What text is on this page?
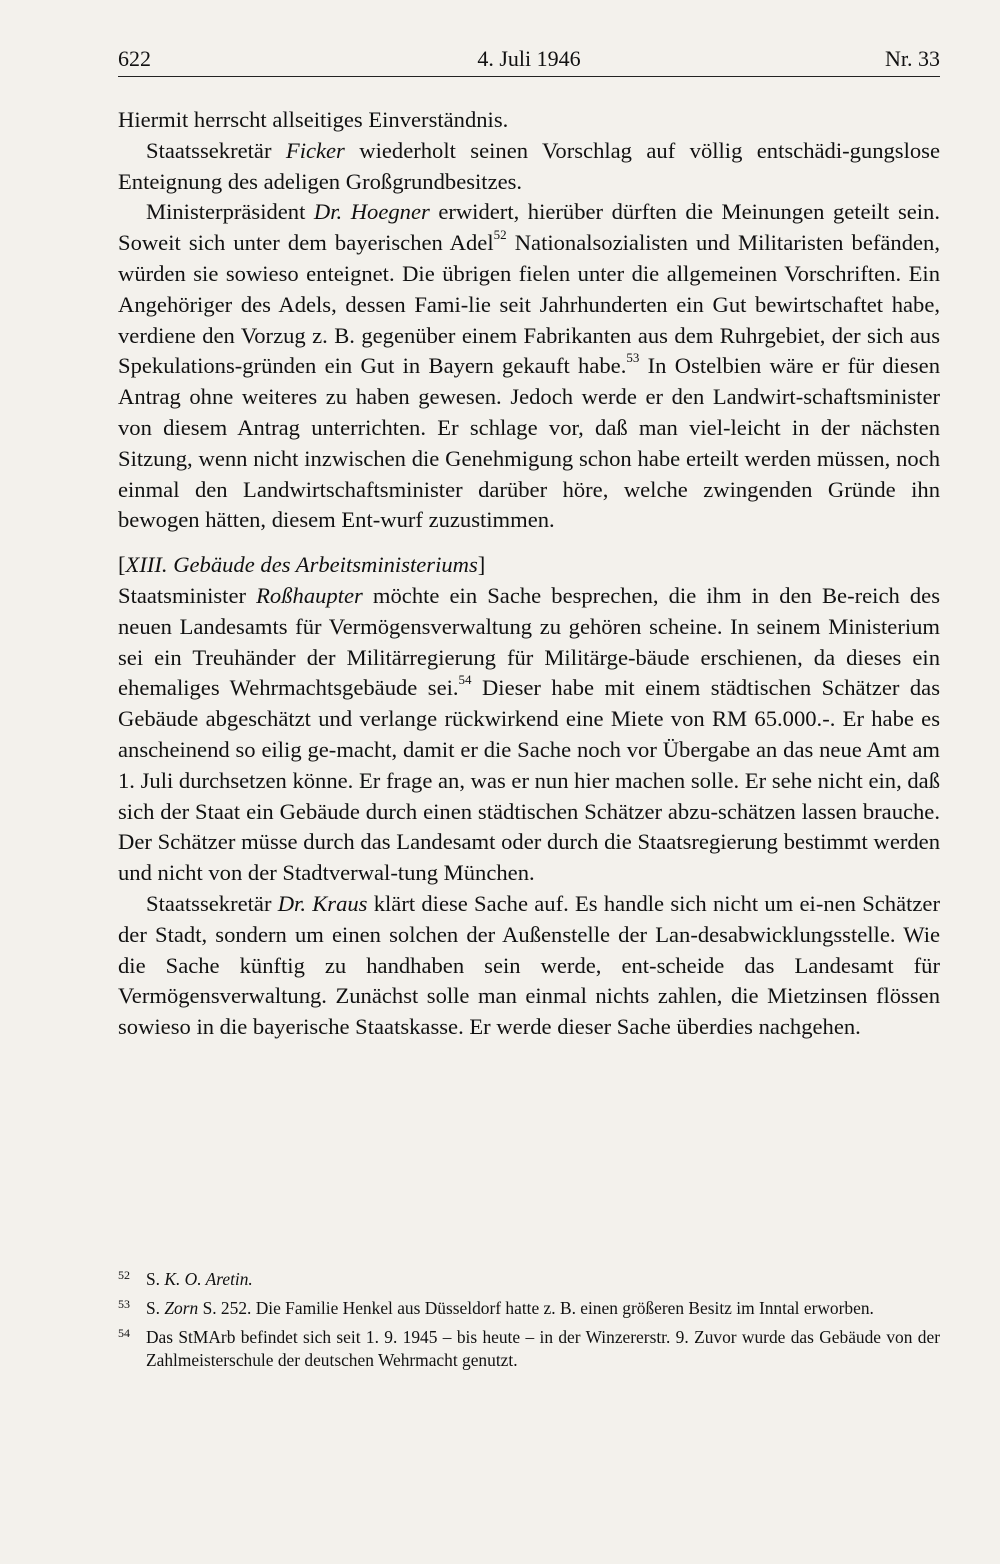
622	4. Juli 1946	Nr. 33

Hiermit herrscht allseitiges Einverständnis.

Staatssekretär Ficker wiederholt seinen Vorschlag auf völlig entschädi-gungslose Enteignung des adeligen Großgrundbesitzes.

Ministerpräsident Dr. Hoegner erwidert, hierüber dürften die Meinungen geteilt sein. Soweit sich unter dem bayerischen Adel$^{52}$ Nationalsozialisten und Militaristen befänden, würden sie sowieso enteignet. Die übrigen fielen unter die allgemeinen Vorschriften. Ein Angehöriger des Adels, dessen Fami-lie seit Jahrhunderten ein Gut bewirtschaftet habe, verdiene den Vorzug z. B. gegenüber einem Fabrikanten aus dem Ruhrgebiet, der sich aus Spekulations-gründen ein Gut in Bayern gekauft habe.$^{53}$ In Ostelbien wäre er für diesen Antrag ohne weiteres zu haben gewesen. Jedoch werde er den Landwirt-schaftsminister von diesem Antrag unterrichten. Er schlage vor, daß man viel-leicht in der nächsten Sitzung, wenn nicht inzwischen die Genehmigung schon habe erteilt werden müssen, noch einmal den Landwirtschaftsminister darüber höre, welche zwingenden Gründe ihn bewogen hätten, diesem Ent-wurf zuzustimmen.

[XIII. Gebäude des Arbeitsministeriums]

Staatsminister Roßhaupter möchte ein Sache besprechen, die ihm in den Be-reich des neuen Landesamts für Vermögensverwaltung zu gehören scheine. In seinem Ministerium sei ein Treuhänder der Militärregierung für Militärge-bäude erschienen, da dieses ein ehemaliges Wehrmachtsgebäude sei.$^{54}$ Dieser habe mit einem städtischen Schätzer das Gebäude abgeschätzt und verlange rückwirkend eine Miete von RM 65.000.-. Er habe es anscheinend so eilig ge-macht, damit er die Sache noch vor Übergabe an das neue Amt am 1. Juli durchsetzen könne. Er frage an, was er nun hier machen solle. Er sehe nicht ein, daß sich der Staat ein Gebäude durch einen städtischen Schätzer abzu-schätzen lassen brauche. Der Schätzer müsse durch das Landesamt oder durch die Staatsregierung bestimmt werden und nicht von der Stadtverwal-tung München.

Staatssekretär Dr. Kraus klärt diese Sache auf. Es handle sich nicht um ei-nen Schätzer der Stadt, sondern um einen solchen der Außenstelle der Lan-desabwicklungsstelle. Wie die Sache künftig zu handhaben sein werde, ent-scheide das Landesamt für Vermögensverwaltung. Zunächst solle man einmal nichts zahlen, die Mietzinsen flössen sowieso in die bayerische Staatskasse. Er werde dieser Sache überdies nachgehen.

52 S. K. O. Aretin.
53 S. Zorn S. 252. Die Familie Henkel aus Düsseldorf hatte z. B. einen größeren Besitz im Inntal erworben.
54 Das StMArb befindet sich seit 1. 9. 1945 – bis heute – in der Winzererstr. 9. Zuvor wurde das Gebäude von der Zahlmeisterschule der deutschen Wehrmacht genutzt.
